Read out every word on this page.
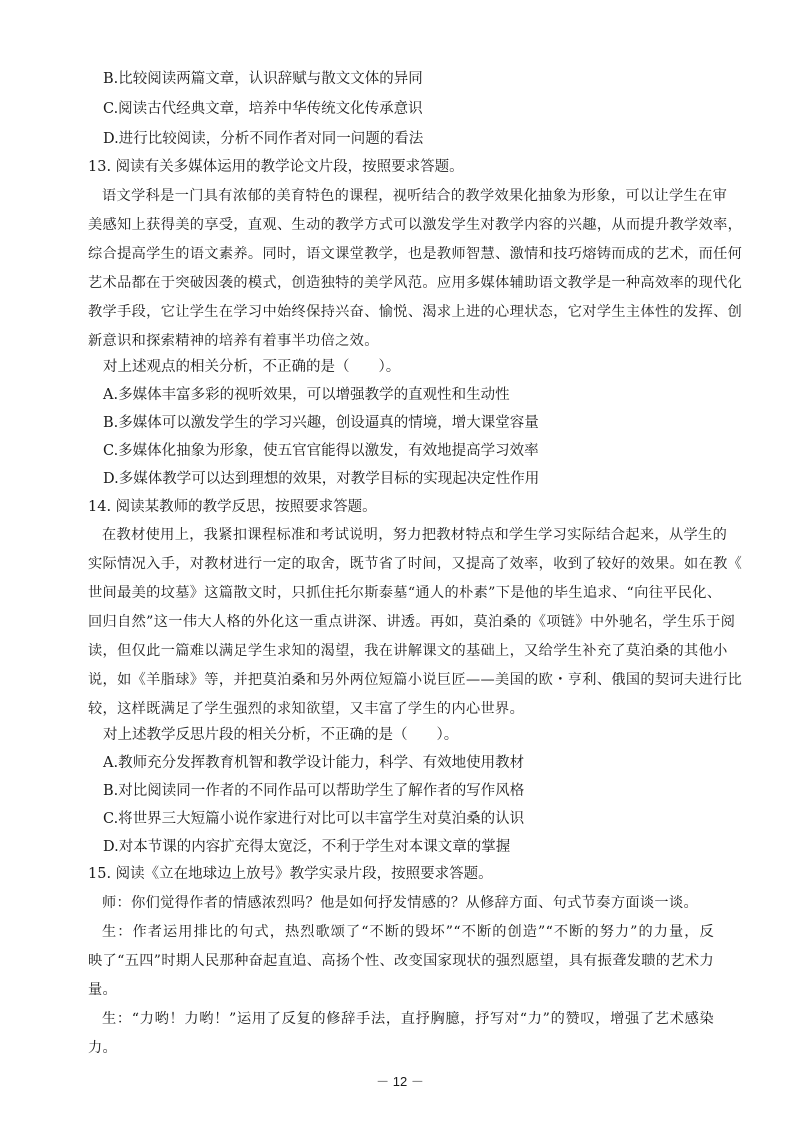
B.比较阅读两篇文章，认识辞赋与散文文体的异同
C.阅读古代经典文章，培养中华传统文化传承意识
D.进行比较阅读，分析不同作者对同一问题的看法
13. 阅读有关多媒体运用的教学论文片段，按照要求答题。
语文学科是一门具有浓郁的美育特色的课程，视听结合的教学效果化抽象为形象，可以让学生在审
美感知上获得美的享受，直观、生动的教学方式可以激发学生对教学内容的兴趣，从而提升教学效率，
综合提高学生的语文素养。同时，语文课堂教学，也是教师智慧、激情和技巧熔铸而成的艺术，而任何
艺术品都在于突破因袭的模式，创造独特的美学风范。应用多媒体辅助语文教学是一种高效率的现代化
教学手段，它让学生在学习中始终保持兴奋、愉悦、渴求上进的心理状态，它对学生主体性的发挥、创
新意识和探索精神的培养有着事半功倍之效。
对上述观点的相关分析，不正确的是（　　）。
A.多媒体丰富多彩的视听效果，可以增强教学的直观性和生动性
B.多媒体可以激发学生的学习兴趣，创设逼真的情境，增大课堂容量
C.多媒体化抽象为形象，使五官官能得以激发，有效地提高学习效率
D.多媒体教学可以达到理想的效果，对教学目标的实现起决定性作用
14. 阅读某教师的教学反思，按照要求答题。
在教材使用上，我紧扣课程标准和考试说明，努力把教材特点和学生学习实际结合起来，从学生的
实际情况入手，对教材进行一定的取舍，既节省了时间，又提高了效率，收到了较好的效果。如在教《
世间最美的坟墓》这篇散文时，只抓住托尔斯泰墓“通人的朴素”下是他的毕生追求、“向往平民化、
回归自然”这一伟大人格的外化这一重点讲深、讲透。再如，莫泊桑的《项链》中外驰名，学生乐于阅
读，但仅此一篇难以满足学生求知的渴望，我在讲解课文的基础上，又给学生补充了莫泊桑的其他小
说，如《羊脂球》等，并把莫泊桑和另外两位短篇小说巨匠——美国的欧・亨利、俄国的契诃夫进行比
较，这样既满足了学生强烈的求知欲望，又丰富了学生的内心世界。
对上述教学反思片段的相关分析，不正确的是（　　）。
A.教师充分发挥教育机智和教学设计能力，科学、有效地使用教材
B.对比阅读同一作者的不同作品可以帮助学生了解作者的写作风格
C.将世界三大短篇小说作家进行对比可以丰富学生对莫泊桑的认识
D.对本节课的内容扩充得太宽泛，不利于学生对本课文章的掌握
15. 阅读《立在地球边上放号》教学实录片段，按照要求答题。
师：你们觉得作者的情感浓烈吗？他是如何抒发情感的？从修辞方面、句式节奏方面谈一谈。
生：作者运用排比的句式，热烈歌颂了“不断的毁坏”“不断的创造”“不断的努力”的力量，反
映了“五四”时期人民那种奋起直追、高扬个性、改变国家现状的强烈愿望，具有振聋发聩的艺术力
量。
生：“力哟！力哟！”运用了反复的修辞手法，直抒胸臆，抒写对“力”的赞叹，增强了艺术感染
力。
－ 12 －
